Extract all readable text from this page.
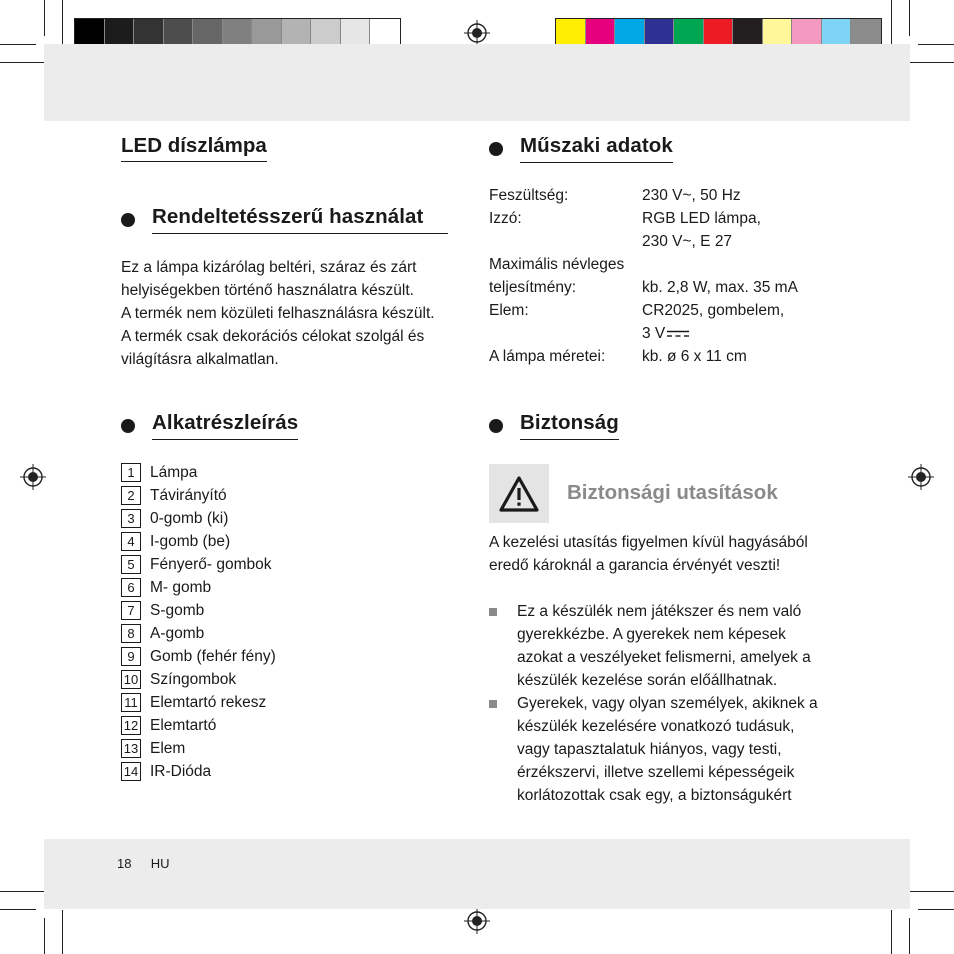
LED díszlámpa
Rendeltetésszerű használat
Ez a lámpa kizárólag beltéri, száraz és zárt
helyiségekben történő használatra készült.
A termék nem közületi felhasználásra készült.
A termék csak dekorációs célokat szolgál és
világításra alkalmatlan.
Alkatrészleírás
1 Lámpa
2 Távirányító
3 0-gomb (ki)
4 I-gomb (be)
5 Fényerő- gombok
6 M- gomb
7 S-gomb
8 A-gomb
9 Gomb (fehér fény)
10 Színgombok
11 Elemtartó rekesz
12 Elemtartó
13 Elem
14 IR-Dióda
Műszaki adatok
Feszültség:	230 V~, 50 Hz
Izzó:	RGB LED lámpa,
230 V~, E 27
Maximális névleges
teljesítmény:	kb. 2,8 W, max. 35 mA
Elem:	CR2025, gombelem,
3 V
A lámpa méretei: kb. ø 6 x 11 cm
Biztonság
Biztonsági utasítások
A kezelési utasítás figyelmen kívül hagyásából
eredő károknál a garancia érvényét veszti!
Ez a készülék nem játékszer és nem való
gyerekkézbe. A gyerekek nem képesek
azokat a veszélyeket felismerni, amelyek a
készülék kezelése során előállhatnak.
Gyerekek, vagy olyan személyek, akiknek a
készülék kezelésére vonatkozó tudásuk,
vagy tapasztalatuk hiányos, vagy testi,
érzékszervi, illetve szellemi képességeik
korlátozottak csak egy, a biztonságukért
18 HU
